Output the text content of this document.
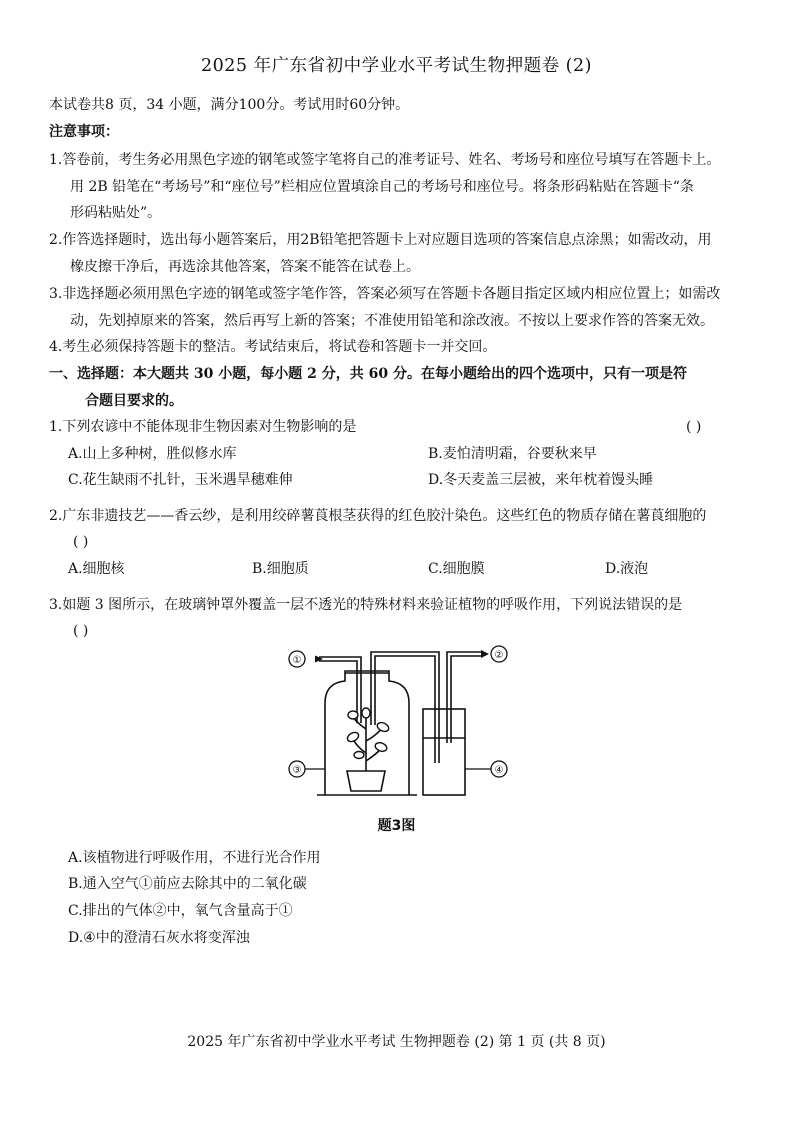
2025 年广东省初中学业水平考试生物押题卷 (2)
本试卷共8 页，34 小题，满分100分。考试用时60分钟。
注意事项：
1.答卷前，考生务必用黑色字迹的钢笔或签字笔将自己的准考证号、姓名、考场号和座位号填写在答题卡上。
用 2B 铅笔在“考场号”和“座位号”栏相应位置填涂自己的考场号和座位号。将条形码粘贴在答题卡“条
形码粘贴处”。
2.作答选择题时，选出每小题答案后，用2B铅笔把答题卡上对应题目选项的答案信息点涂黑；如需改动，用
橡皮擦干净后，再选涂其他答案，答案不能答在试卷上。
3.非选择题必须用黑色字迹的钢笔或签字笔作答，答案必须写在答题卡各题目指定区域内相应位置上；如需改
动，先划掉原来的答案，然后再写上新的答案；不准使用铅笔和涂改液。不按以上要求作答的答案无效。
4.考生必须保持答题卡的整洁。考试结束后，将试卷和答题卡一并交回。
一、选择题：本大题共 30 小题，每小题 2 分，共 60 分。在每小题给出的四个选项中，只有一项是符
合题目要求的。
1.下列农谚中不能体现非生物因素对生物影响的是	( )
A.山上多种树，胜似修水库	B.麦怕清明霜，谷要秋来早
C.花生缺雨不扎针，玉米遇旱穗难伸	D.冬天麦盖三层被，来年枕着馒头睡
2.广东非遗技艺——香云纱，是利用绞碎薯莨根茎获得的红色胶汁染色。这些红色的物质存储在薯莨细胞的
( )
A.细胞核	B.细胞质	C.细胞膜	D.液泡
3.如题 3 图所示，在玻璃钟罩外覆盖一层不透光的特殊材料来验证植物的呼吸作用，下列说法错误的是
( )
①	②
③	④
题3图
A.该植物进行呼吸作用，不进行光合作用
B.通入空气①前应去除其中的二氧化碳
C.排出的气体②中，氧气含量高于①
D.④中的澄清石灰水将变浑浊
2025 年广东省初中学业水平考试 生物押题卷 (2) 第 1 页 (共 8 页)
